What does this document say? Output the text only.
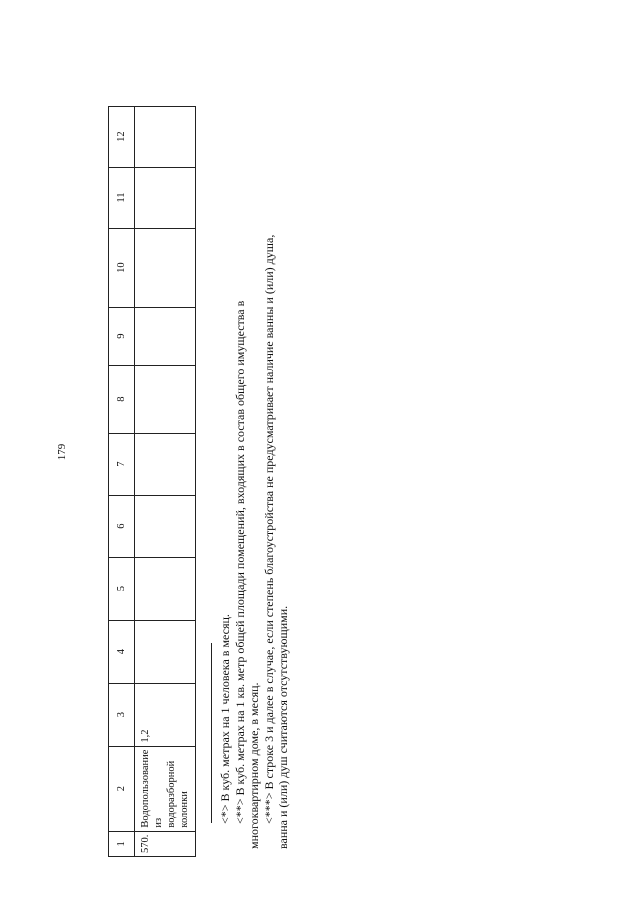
179
1	2	3	4	5	6	7	8	9	10	11	12
570.	Водопользование из водоразборной колонки	1,2										<*> В куб. метрах на 1 человека в месяц. <**> В куб. метрах на 1 кв. метр общей площади помещений, входящих в состав общего имущества в многоквартирном доме, в месяц. <***> В строке 3 и далее в случае, если степень благоустройства не предусматривает наличие ванны и (или) душа, ванна и (или) душ считаются отсутствующими.
